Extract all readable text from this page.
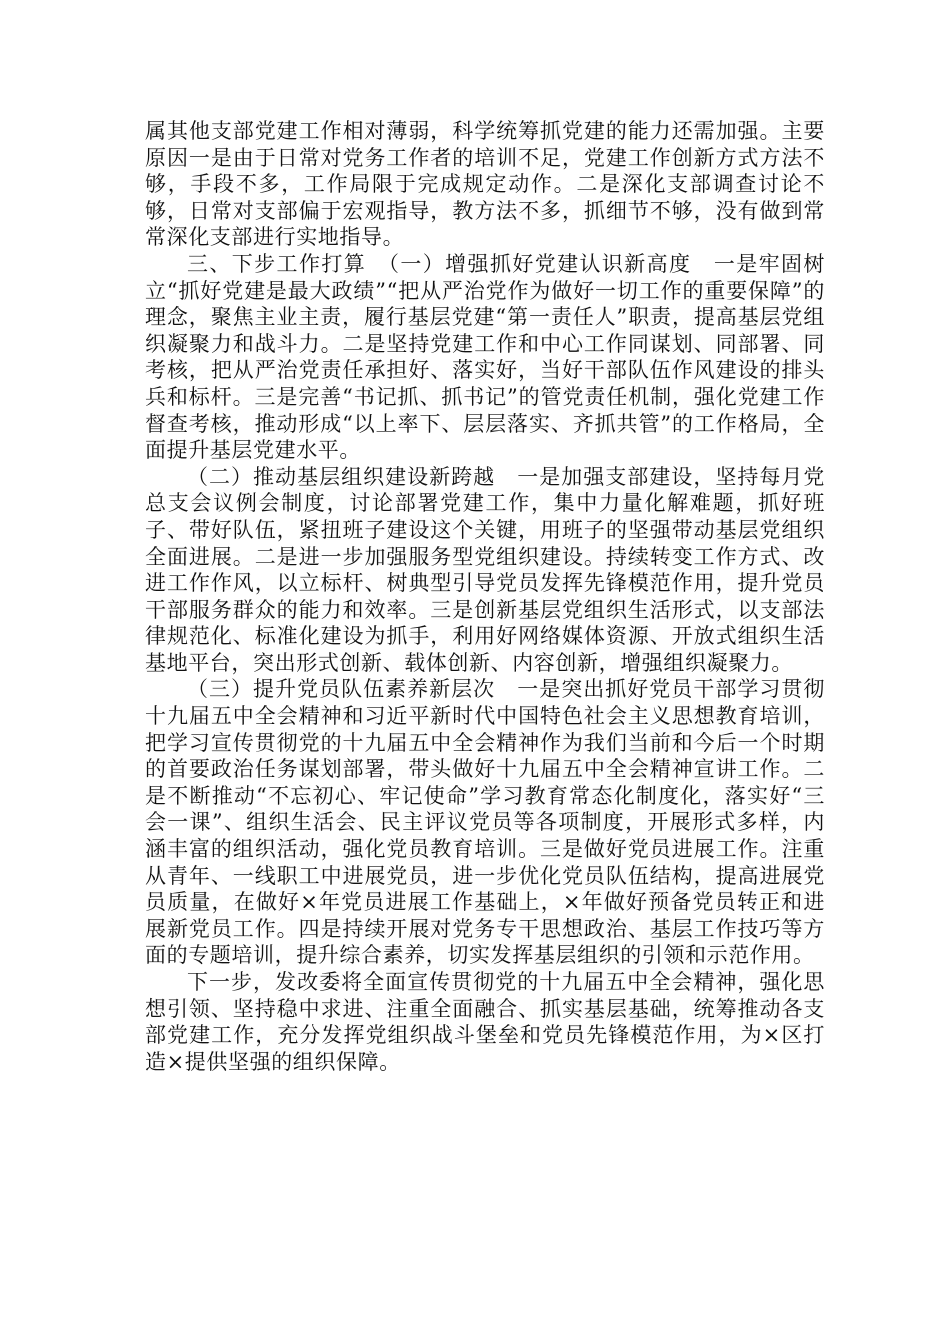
属其他支部党建工作相对薄弱，科学统筹抓党建的能力还需加强。主要原因一是由于日常对党务工作者的培训不足，党建工作创新方式方法不够，手段不多，工作局限于完成规定动作。二是深化支部调查讨论不够，日常对支部偏于宏观指导，教方法不多，抓细节不够，没有做到常常深化支部进行实地指导。

三、下步工作打算　（一）增强抓好党建认识新高度　一是牢固树立“抓好党建是最大政绩”“把从严治党作为做好一切工作的重要保障”的理念，聚焦主业主责，履行基层党建“第一责任人”职责，提高基层党组织凝聚力和战斗力。二是坚持党建工作和中心工作同谋划、同部署、同考核，把从严治党责任承担好、落实好，当好干部队伍作风建设的排头兵和标杆。三是完善“书记抓、抓书记”的管党责任机制，强化党建工作督查考核，推动形成“以上率下、层层落实、齐抓共管”的工作格局，全面提升基层党建水平。

（二）推动基层组织建设新跨越　一是加强支部建设，坚持每月党总支会议例会制度，讨论部署党建工作，集中力量化解难题，抓好班子、带好队伍，紧扭班子建设这个关键，用班子的坚强带动基层党组织全面进展。二是进一步加强服务型党组织建设。持续转变工作方式、改进工作作风，以立标杆、树典型引导党员发挥先锋模范作用，提升党员干部服务群众的能力和效率。三是创新基层党组织生活形式，以支部法律规范化、标准化建设为抓手，利用好网络媒体资源、开放式组织生活基地平台，突出形式创新、载体创新、内容创新，增强组织凝聚力。

（三）提升党员队伍素养新层次　一是突出抓好党员干部学习贯彻十九届五中全会精神和习近平新时代中国特色社会主义思想教育培训，把学习宣传贯彻党的十九届五中全会精神作为我们当前和今后一个时期的首要政治任务谋划部署，带头做好十九届五中全会精神宣讲工作。二是不断推动“不忘初心、牢记使命”学习教育常态化制度化，落实好“三会一课”、组织生活会、民主评议党员等各项制度，开展形式多样，内涵丰富的组织活动，强化党员教育培训。三是做好党员进展工作。注重从青年、一线职工中进展党员，进一步优化党员队伍结构，提高进展党员质量，在做好×年党员进展工作基础上，×年做好预备党员转正和进展新党员工作。四是持续开展对党务专干思想政治、基层工作技巧等方面的专题培训，提升综合素养，切实发挥基层组织的引领和示范作用。

下一步，发改委将全面宣传贯彻党的十九届五中全会精神，强化思想引领、坚持稳中求进、注重全面融合、抓实基层基础，统筹推动各支部党建工作，充分发挥党组织战斗堡垒和党员先锋模范作用，为×区打造×提供坚强的组织保障。
